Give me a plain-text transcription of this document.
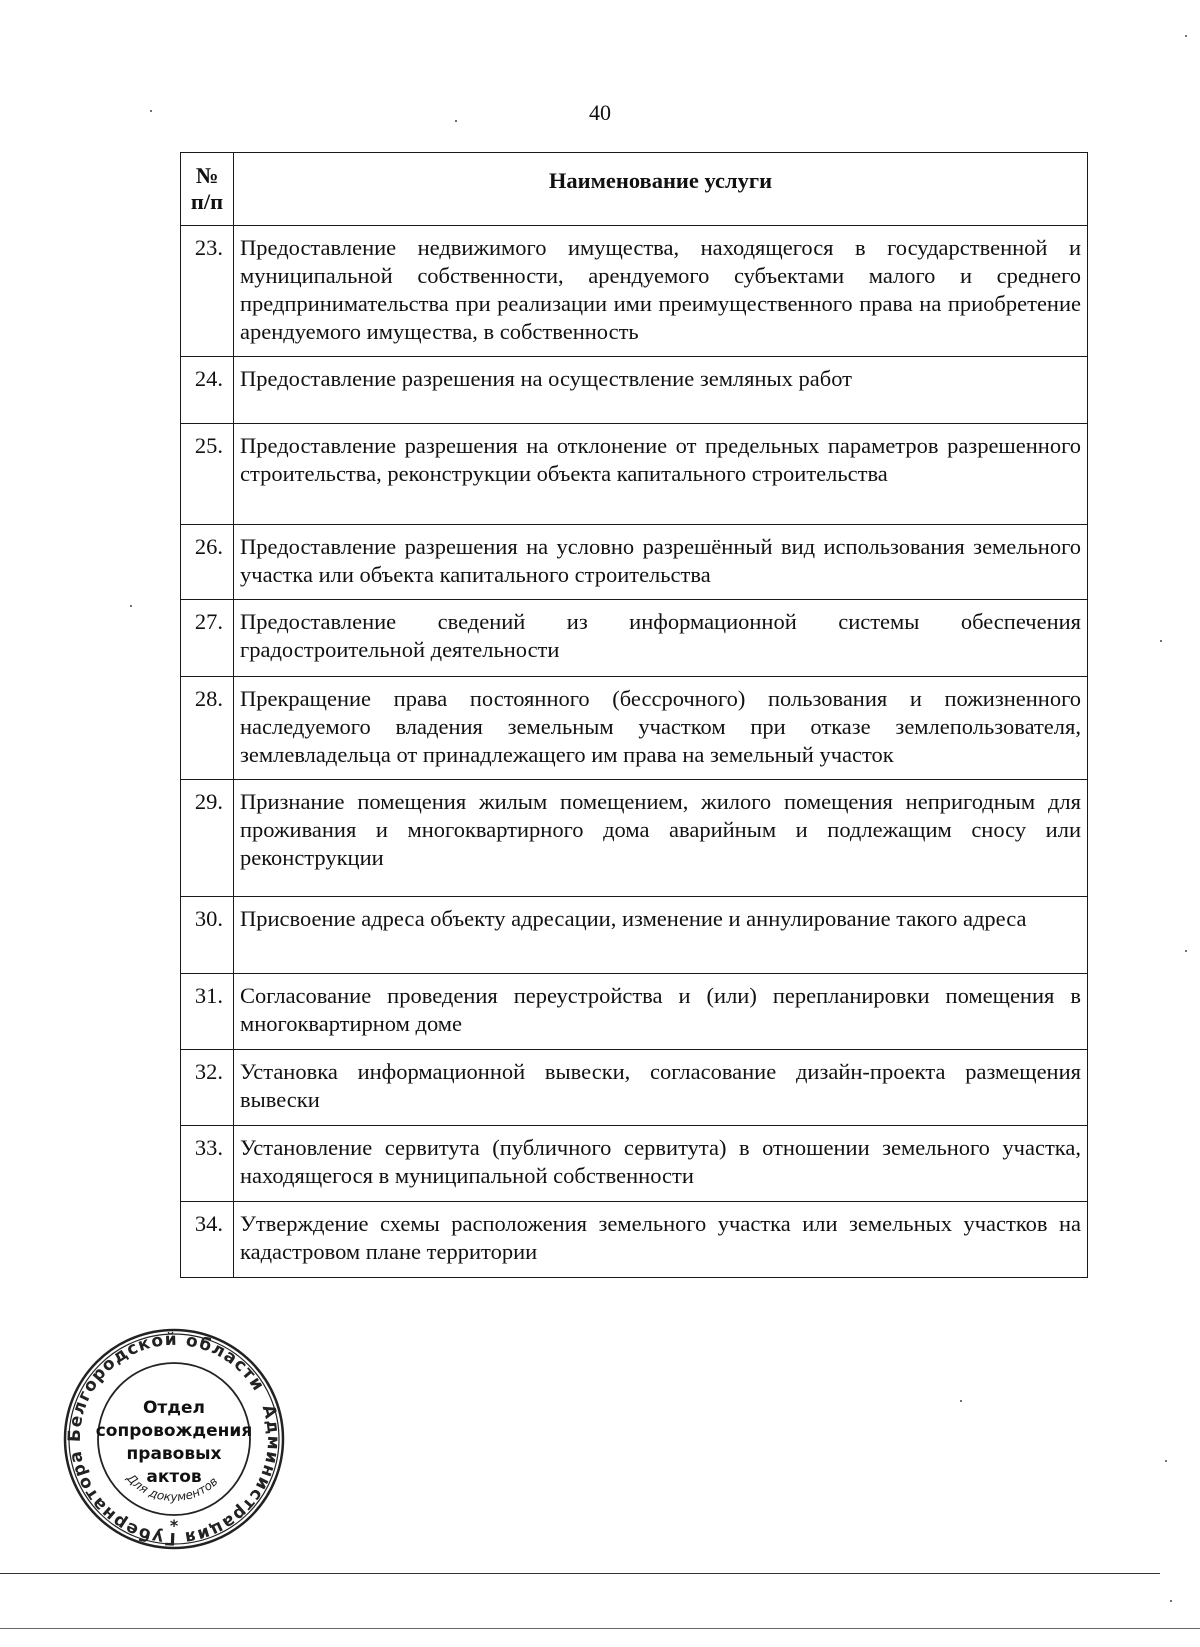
40
№ п/п	Наименование услуги
23.	Предоставление недвижимого имущества, находящегося в государственной и муниципальной собственности, арендуемого субъектами малого и среднего предпринимательства при реализации ими преимущественного права на приобретение арендуемого имущества, в собственность
24.	Предоставление разрешения на осуществление земляных работ
25.	Предоставление разрешения на отклонение от предельных параметров разрешенного строительства, реконструкции объекта капитального строительства
26.	Предоставление разрешения на условно разрешённый вид использования земельного участка или объекта капитального строительства
27.	Предоставление сведений из информационной системы обеспечения градостроительной деятельности
28.	Прекращение права постоянного (бессрочного) пользования и пожизненного наследуемого владения земельным участком при отказе землепользователя, землевладельца от принадлежащего им права на земельный участок
29.	Признание помещения жилым помещением, жилого помещения непригодным для проживания и многоквартирного дома аварийным и подлежащим сносу или реконструкции
30.	Присвоение адреса объекту адресации, изменение и аннулирование такого адреса
31.	Согласование проведения переустройства и (или) перепланировки помещения в многоквартирном доме
32.	Установка информационной вывески, согласование дизайн-проекта размещения вывески
33.	Установление сервитута (публичного сервитута) в отношении земельного участка, находящегося в муниципальной собственности
34.	Утверждение схемы расположения земельного участка или земельных участков на кадастровом плане территории
Администрация Губернатора Белгородской области
Для документов
*
Отдел
сопровождения
правовых
актов
